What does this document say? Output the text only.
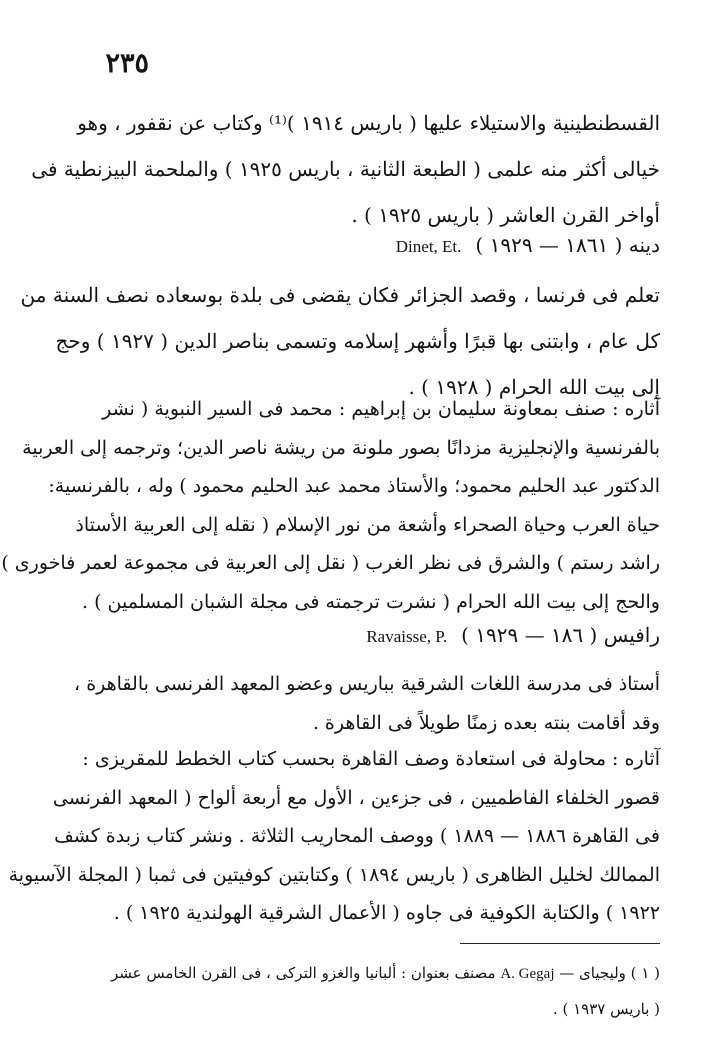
٢٣٥
القسطنطينية والاستيلاء عليها ( باريس ١٩١٤ )⁽¹⁾ وكتاب عن نقفور ، وهو
خيالى أكثر منه علمى ( الطبعة الثانية ، باريس ١٩٢٥ ) والملحمة البيزنطية فى
أواخر القرن العاشر ( باريس ١٩٢٥ ) .
دينه ( ١٨٦١ — ١٩٢٩ )Dinet, Et.
تعلم فى فرنسا ، وقصد الجزائر فكان يقضى فى بلدة بوسعاده نصف السنة من
كل عام ، وابتنى بها قبرًا وأشهر إسلامه وتسمى بناصر الدين ( ١٩٢٧ ) وحج
إلى بيت الله الحرام ( ١٩٢٨ ) .
آثاره : صنف بمعاونة سليمان بن إبراهيم : محمد فى السير النبوية ( نشر
بالفرنسية والإنجليزية مزدانًا بصور ملونة من ريشة ناصر الدين؛ وترجمه إلى العربية
الدكتور عبد الحليم محمود؛ والأستاذ محمد عبد الحليم محمود ) وله ، بالفرنسية:
حياة العرب وحياة الصحراء وأشعة من نور الإسلام ( نقله إلى العربية الأستاذ
راشد رستم ) والشرق فى نظر الغرب ( نقل إلى العربية فى مجموعة لعمر فاخورى )
والحج إلى بيت الله الحرام ( نشرت ترجمته فى مجلة الشبان المسلمين ) .
رافيس ( ١٨٦ — ١٩٢٩ )Ravaisse, P.
أستاذ فى مدرسة اللغات الشرقية بباريس وعضو المعهد الفرنسى بالقاهرة ،
وقد أقامت بنته بعده زمنًا طويلاً فى القاهرة .
آثاره : محاولة فى استعادة وصف القاهرة بحسب كتاب الخطط للمقريزى :
قصور الخلفاء الفاطميين ، فى جزءين ، الأول مع أربعة ألواح ( المعهد الفرنسى
فى القاهرة ١٨٨٦ — ١٨٨٩ ) ووصف المحاريب الثلاثة . ونشر كتاب زبدة كشف
الممالك لخليل الظاهرى ( باريس ١٨٩٤ ) وكتابتين كوفيتين فى ثمبا ( المجلة الآسيوية
١٩٢٢ ) والكتابة الكوفية فى جاوه ( الأعمال الشرقية الهولندية ١٩٢٥ ) .
( ١ ) وليجياى — A. Gegaj مصنف بعنوان : ألبانيا والغزو التركى ، فى القرن الخامس عشر
( باريس ١٩٣٧ ) .
